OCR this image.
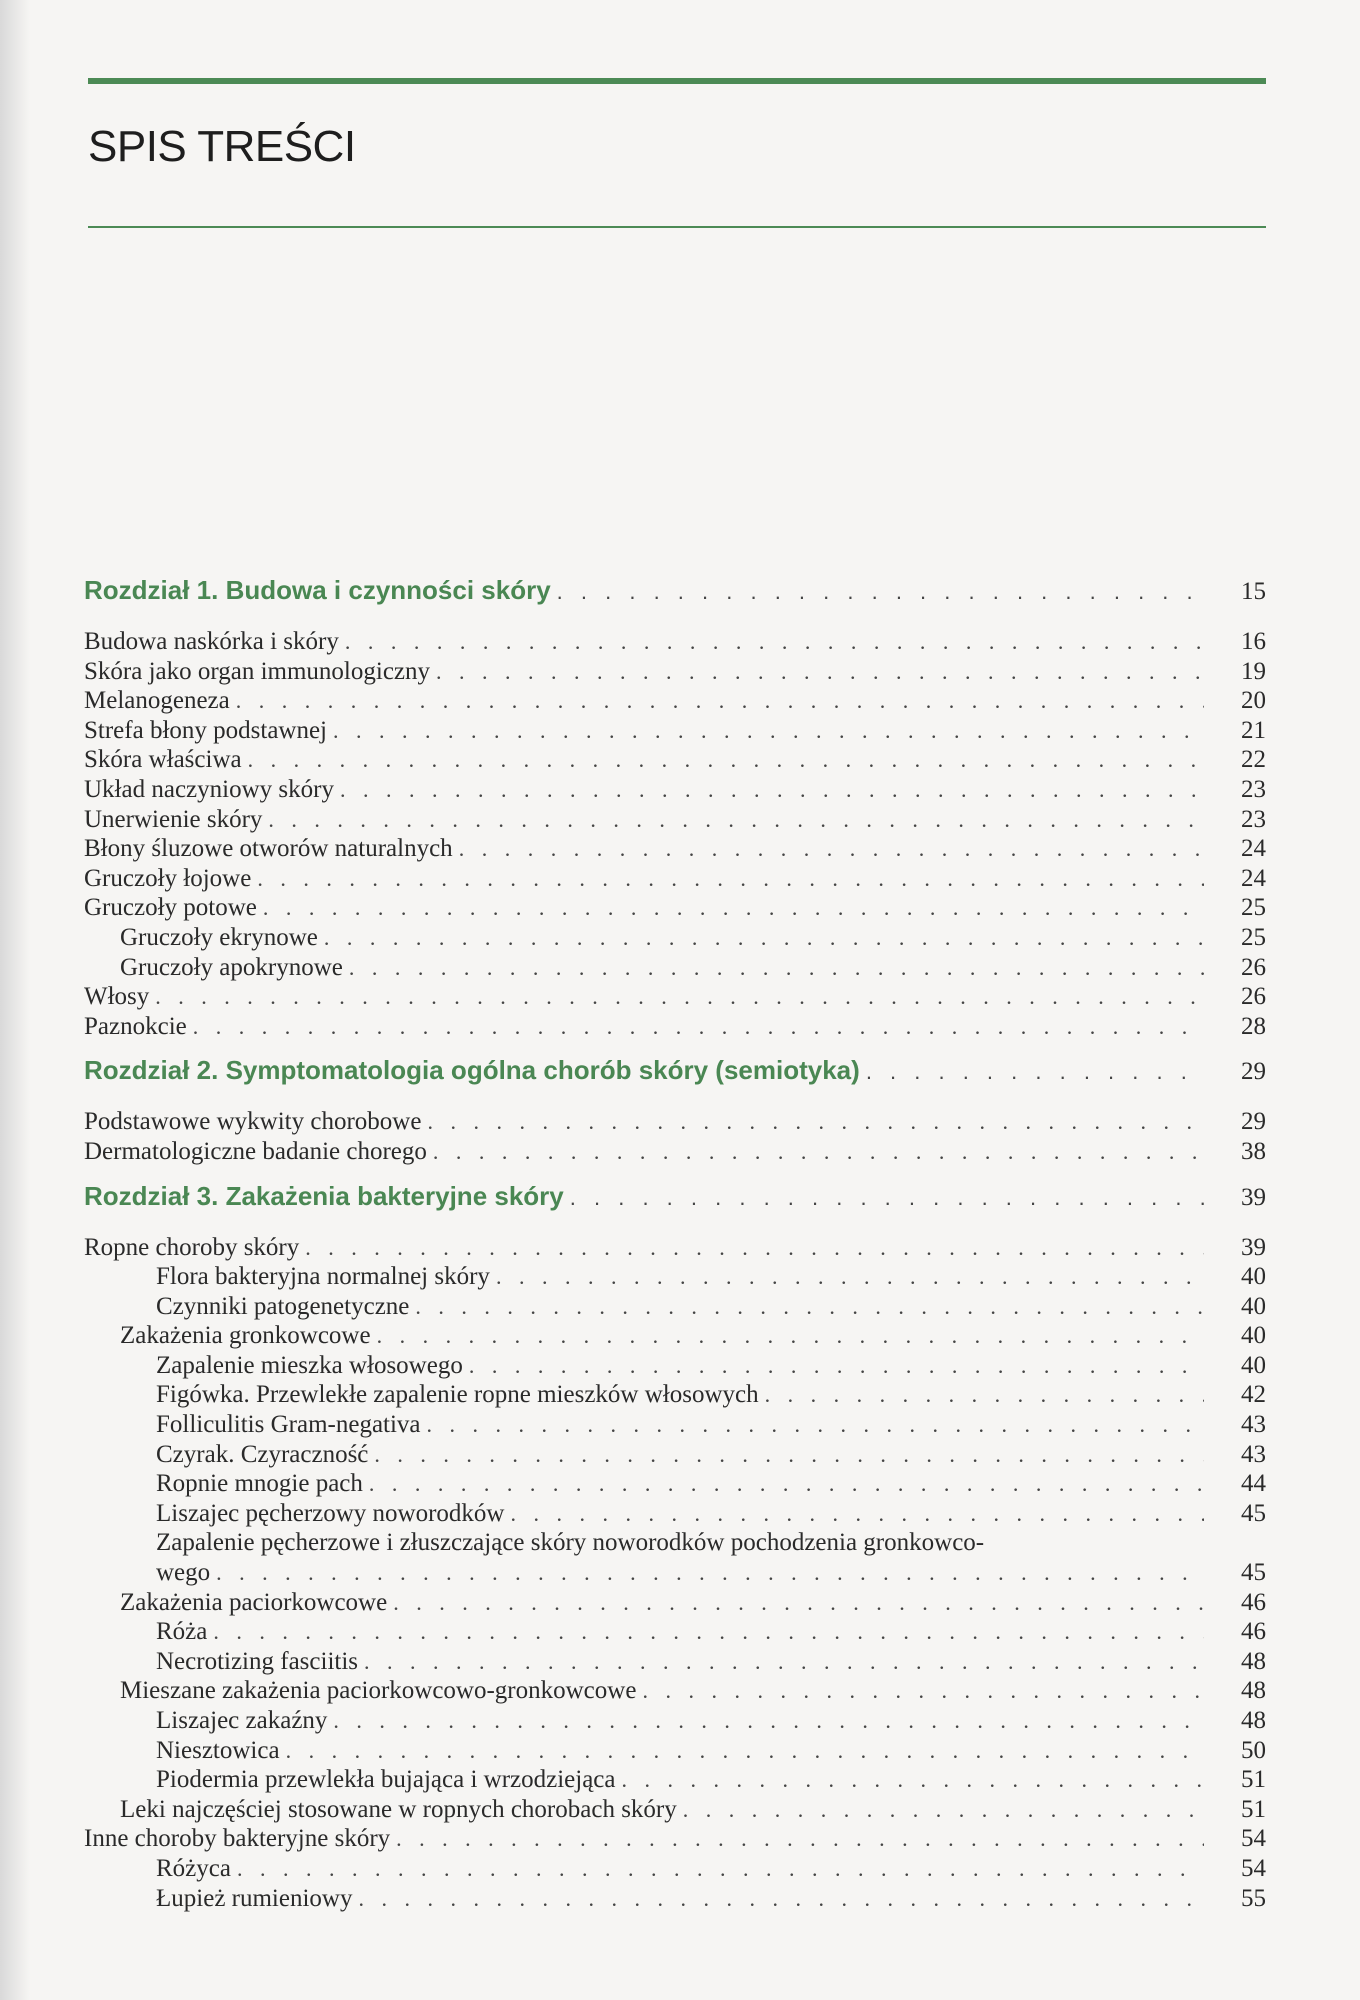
SPIS TREŚCI
Rozdział 1. Budowa i czynności skóry . . .	15
Budowa naskórka i skóry . . .	16
Skóra jako organ immunologiczny . . .	19
Melanogeneza . . .	20
Strefa błony podstawnej . . .	21
Skóra właściwa . . .	22
Układ naczyniowy skóry . . .	23
Unerwienie skóry . . .	23
Błony śluzowe otworów naturalnych . . .	24
Gruczoły łojowe . . .	24
Gruczoły potowe . . .	25
Gruczoły ekrynowe . . .	25
Gruczoły apokrynowe . . .	26
Włosy . . .	26
Paznokcie . . .	28
Rozdział 2. Symptomatologia ogólna chorób skóry (semiotyka) . . .	29
Podstawowe wykwity chorobowe . . .	29
Dermatologiczne badanie chorego . . .	38
Rozdział 3. Zakażenia bakteryjne skóry . . .	39
Ropne choroby skóry . . .	39
Flora bakteryjna normalnej skóry . . .	40
Czynniki patogenetyczne . . .	40
Zakażenia gronkowcowe . . .	40
Zapalenie mieszka włosowego . . .	40
Figówka. Przewlekłe zapalenie ropne mieszków włosowych . . .	42
Folliculitis Gram-negativa . . .	43
Czyrak. Czyraczność . . .	43
Ropnie mnogie pach . . .	44
Liszajec pęcherzowy noworodków . . .	45
Zapalenie pęcherzowe i złuszczające skóry noworodków pochodzenia gronkowco-
wego . . .	45
Zakażenia paciorkowcowe . . .	46
Róża . . .	46
Necrotizing fasciitis . . .	48
Mieszane zakażenia paciorkowcowo-gronkowcowe . . .	48
Liszajec zakaźny . . .	48
Niesztowica . . .	50
Piodermia przewlekła bujająca i wrzodziejąca . . .	51
Leki najczęściej stosowane w ropnych chorobach skóry . . .	51
Inne choroby bakteryjne skóry . . .	54
Różyca . . .	54
Łupież rumieniowy . . .	55
